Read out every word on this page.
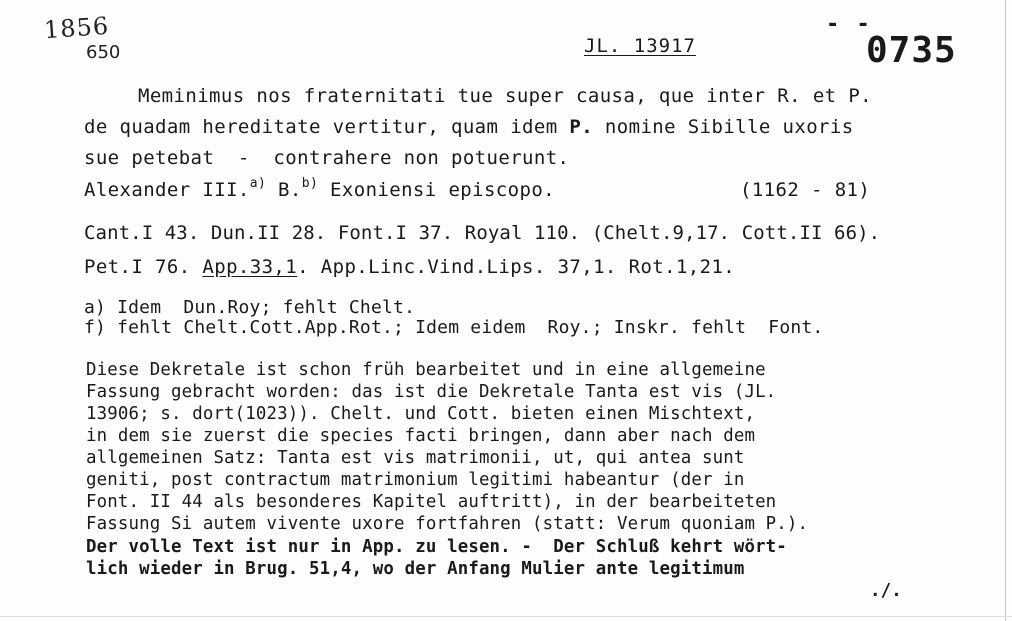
1856
650	JL. 13917
- -
0735
Meminimus nos fraternitati tue super causa, que inter R. et P.
de quadam hereditate vertitur, quam idem P. nomine Sibille uxoris
sue petebat  -  contrahere non potuerunt.
Alexander III.$^{a)}$ B.$^{b)}$ Exoniensi episcopo.	(1162 - 81)
Cant.I 43. Dun.II 28. Font.I 37. Royal 110. (Chelt.9,17. Cott.II 66).
Pet.I 76. App.33,1. App.Linc.Vind.Lips. 37,1. Rot.1,21.
a) Idem  Dun.Roy; fehlt Chelt.
f) fehlt Chelt.Cott.App.Rot.; Idem eidem  Roy.; Inskr. fehlt  Font.
Diese Dekretale ist schon früh bearbeitet und in eine allgemeine
Fassung gebracht worden: das ist die Dekretale Tanta est vis (JL.
13906; s. dort(1023)). Chelt. und Cott. bieten einen Mischtext,
in dem sie zuerst die species facti bringen, dann aber nach dem
allgemeinen Satz: Tanta est vis matrimonii, ut, qui antea sunt
geniti, post contractum matrimonium legitimi habeantur (der in
Font. II 44 als besonderes Kapitel auftritt), in der bearbeiteten
Fassung Si autem vivente uxore fortfahren (statt: Verum quoniam P.).
Der volle Text ist nur in App. zu lesen. -  Der Schluß kehrt wört-
lich wieder in Brug. 51,4, wo der Anfang Mulier ante legitimum
./.
